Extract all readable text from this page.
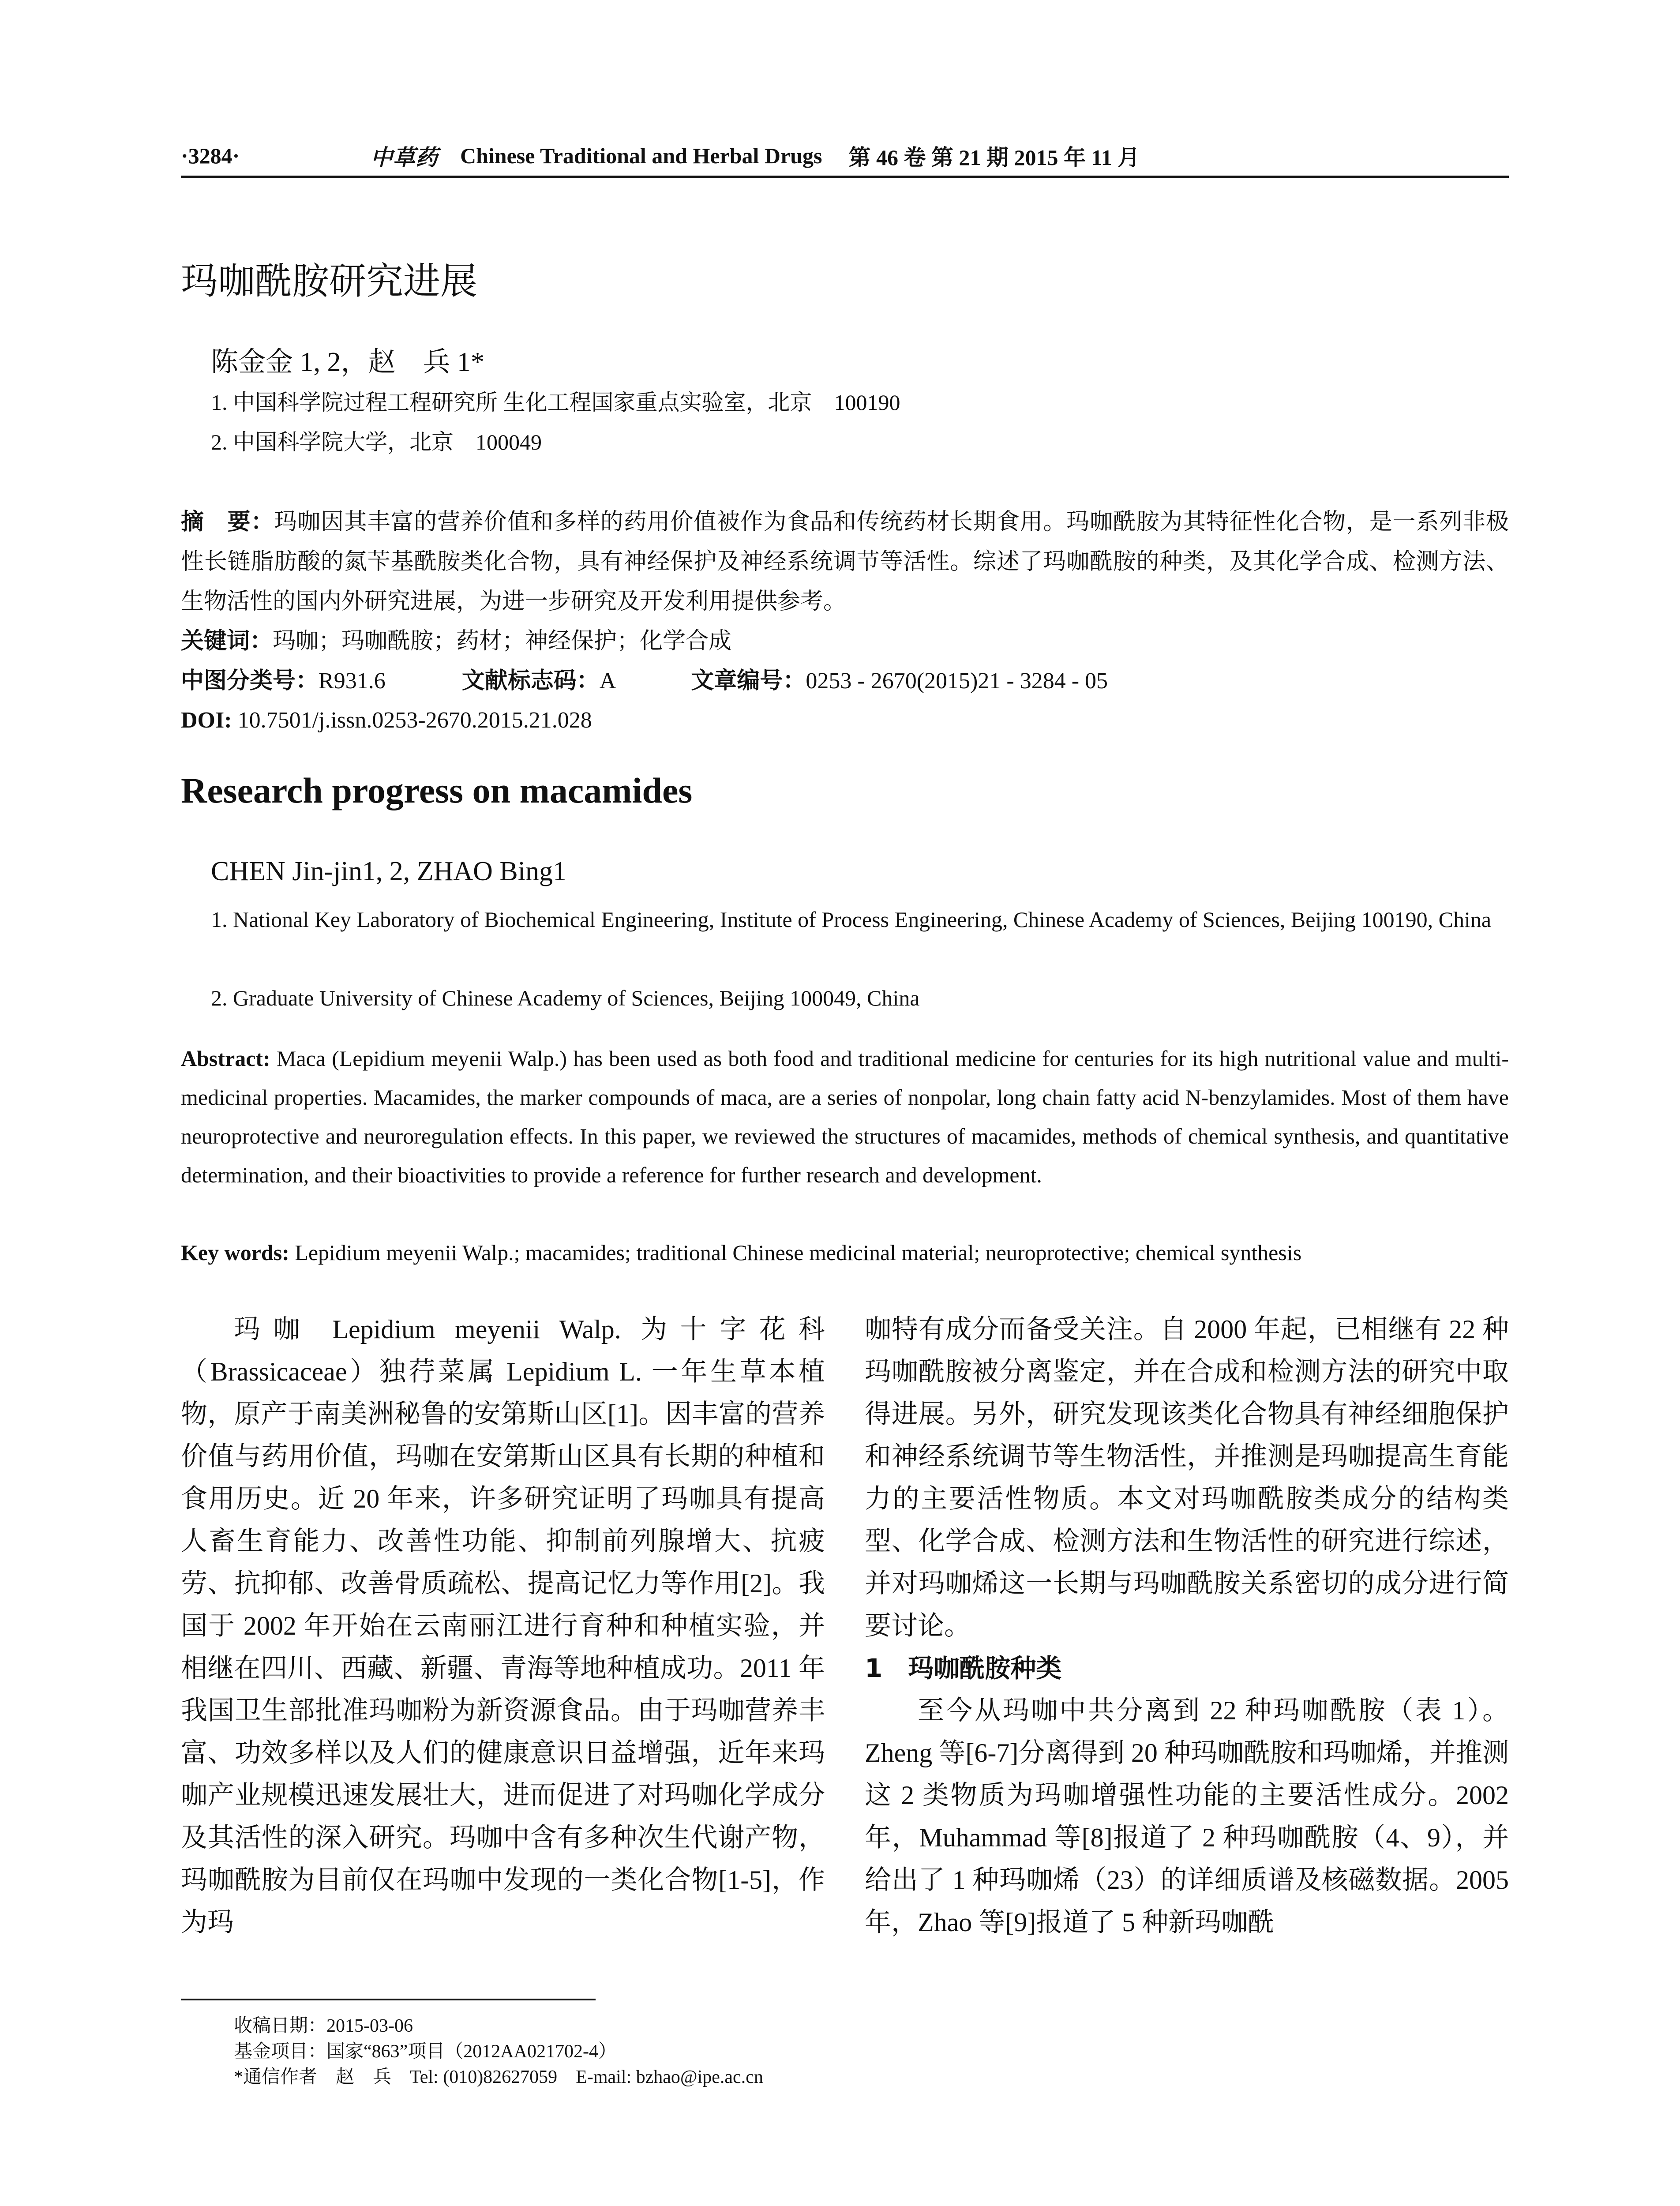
·3284·	中草药 Chinese Traditional and Herbal Drugs 第 46 卷 第 21 期 2015 年 11 月
玛咖酰胺研究进展
陈金金 1, 2，赵　兵 1*
1. 中国科学院过程工程研究所 生化工程国家重点实验室，北京　100190
2. 中国科学院大学，北京　100049
摘　要：玛咖因其丰富的营养价值和多样的药用价值被作为食品和传统药材长期食用。玛咖酰胺为其特征性化合物，是一系列非极性长链脂肪酸的氮苄基酰胺类化合物，具有神经保护及神经系统调节等活性。综述了玛咖酰胺的种类，及其化学合成、检测方法、生物活性的国内外研究进展，为进一步研究及开发利用提供参考。
关键词：玛咖；玛咖酰胺；药材；神经保护；化学合成
中图分类号：R931.6	文献标志码：A	文章编号：0253 - 2670(2015)21 - 3284 - 05
DOI: 10.7501/j.issn.0253-2670.2015.21.028
Research progress on macamides
CHEN Jin-jin1, 2, ZHAO Bing1
1. National Key Laboratory of Biochemical Engineering, Institute of Process Engineering, Chinese Academy of Sciences, Beijing 100190, China
2. Graduate University of Chinese Academy of Sciences, Beijing 100049, China
Abstract: Maca (Lepidium meyenii Walp.) has been used as both food and traditional medicine for centuries for its high nutritional value and multi-medicinal properties. Macamides, the marker compounds of maca, are a series of nonpolar, long chain fatty acid N-benzylamides. Most of them have neuroprotective and neuroregulation effects. In this paper, we reviewed the structures of macamides, methods of chemical synthesis, and quantitative determination, and their bioactivities to provide a reference for further research and development.
Key words: Lepidium meyenii Walp.; macamides; traditional Chinese medicinal material; neuroprotective; chemical synthesis

玛咖 Lepidium meyenii Walp. 为十字花科（Brassicaceae）独荇菜属 Lepidium L. 一年生草本植物，原产于南美洲秘鲁的安第斯山区[1]。因丰富的营养价值与药用价值，玛咖在安第斯山区具有长期的种植和食用历史。近 20 年来，许多研究证明了玛咖具有提高人畜生育能力、改善性功能、抑制前列腺增大、抗疲劳、抗抑郁、改善骨质疏松、提高记忆力等作用[2]。我国于 2002 年开始在云南丽江进行育种和种植实验，并相继在四川、西藏、新疆、青海等地种植成功。2011 年我国卫生部批准玛咖粉为新资源食品。由于玛咖营养丰富、功效多样以及人们的健康意识日益增强，近年来玛咖产业规模迅速发展壮大，进而促进了对玛咖化学成分及其活性的深入研究。玛咖中含有多种次生代谢产物，玛咖酰胺为目前仅在玛咖中发现的一类化合物[1-5]，作为玛

咖特有成分而备受关注。自 2000 年起，已相继有 22 种玛咖酰胺被分离鉴定，并在合成和检测方法的研究中取得进展。另外，研究发现该类化合物具有神经细胞保护和神经系统调节等生物活性，并推测是玛咖提高生育能力的主要活性物质。本文对玛咖酰胺类成分的结构类型、化学合成、检测方法和生物活性的研究进行综述，并对玛咖烯这一长期与玛咖酰胺关系密切的成分进行简要讨论。

1　玛咖酰胺种类

至今从玛咖中共分离到 22 种玛咖酰胺（表 1）。Zheng 等[6-7]分离得到 20 种玛咖酰胺和玛咖烯，并推测这 2 类物质为玛咖增强性功能的主要活性成分。2002 年，Muhammad 等[8]报道了 2 种玛咖酰胺（4、9），并给出了 1 种玛咖烯（23）的详细质谱及核磁数据。2005 年，Zhao 等[9]报道了 5 种新玛咖酰

收稿日期：2015-03-06
基金项目：国家“863”项目（2012AA021702-4）
*通信作者　赵　兵　Tel: (010)82627059　E-mail: bzhao@ipe.ac.cn
